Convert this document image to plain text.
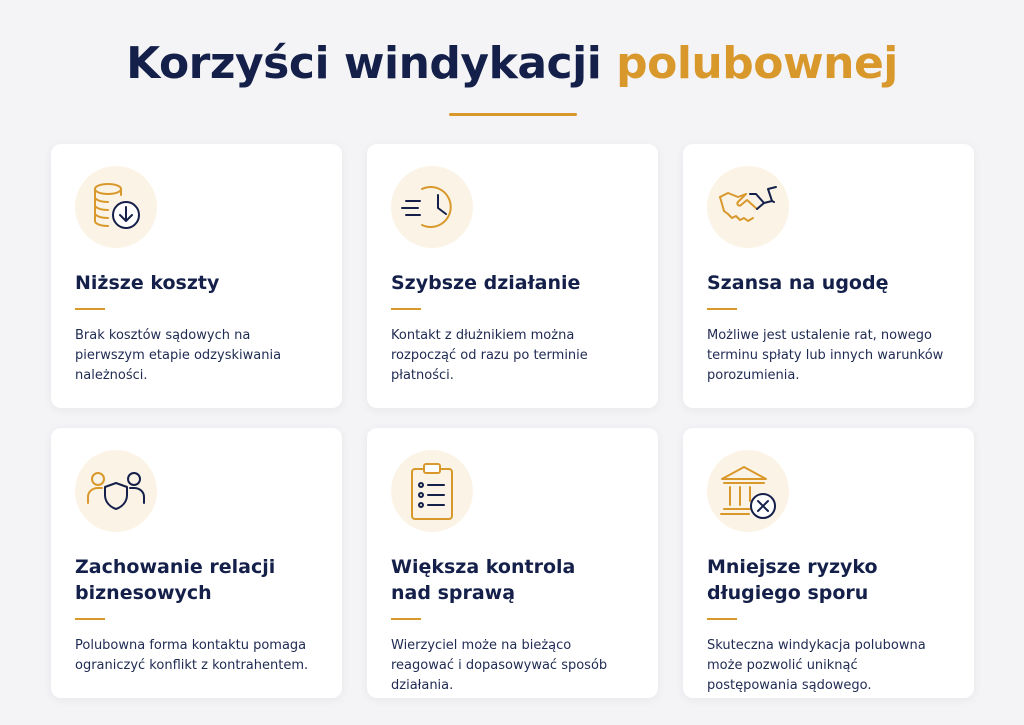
Korzyści windykacji polubownej
Niższe koszty
Brak kosztów sądowych na pierwszym etapie odzyskiwania należności.
Szybsze działanie
Kontakt z dłużnikiem można rozpocząć od razu po terminie płatności.
Szansa na ugodę
Możliwe jest ustalenie rat, nowego terminu spłaty lub innych warunków porozumienia.
Zachowanie relacji
biznesowych
Polubowna forma kontaktu pomaga ograniczyć konflikt z kontrahentem.
Większa kontrola
nad sprawą
Wierzyciel może na bieżąco reagować i dopasowywać sposób działania.
Mniejsze ryzyko
długiego sporu
Skuteczna windykacja polubowna może pozwolić uniknąć postępowania sądowego.
